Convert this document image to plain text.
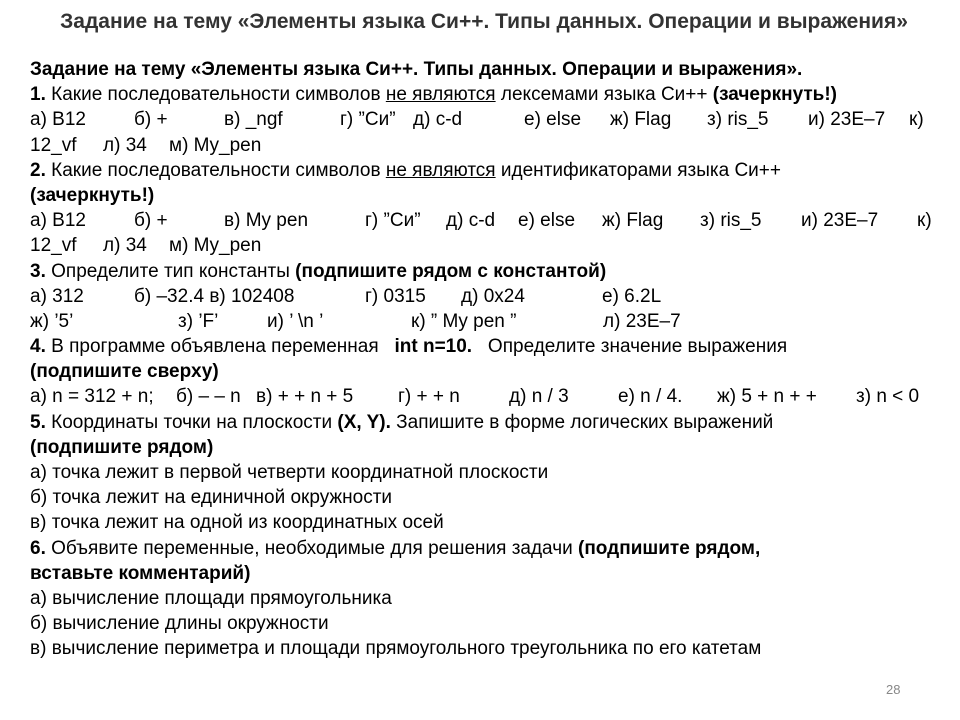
Задание на тему «Элементы языка Си++. Типы данных. Операции и выражения»
Задание на тему «Элементы языка Си++. Типы данных. Операции и выражения».
1. Какие последовательности символов не являются лексемами языка Си++ (зачеркнуть!)
а) B12	б) +	в) _ngf	г) ”Си” д) c-d	е) else ж) Flag з) ris_5 и) 23E–7 к)
12_vf л) 34 м) My_pen
2. Какие последовательности символов не являются идентификаторами языка Си++
(зачеркнуть!)
а) B12	б) +	в) My pen	г) ”Си” д) c-d е) else ж) Flag з) ris_5 и) 23E–7 к)
12_vf л) 34 м) My_pen
3. Определите тип константы (подпишите рядом с константой)
а) 312	б) –32.4 в) 102408	г) 0315 д) 0x24	е) 6.2L
ж) ’5’	з) ’F’	и) ’ \n ’	к) ” My pen ”	л) 23E–7
4. В программе объявлена переменная   int n=10.   Определите значение выражения
(подпишите сверху)
а) n = 312 + n; б) – – n в) + + n + 5 г) + + n	д) n / 3	е) n / 4. ж) 5 + n + + з) n < 0
5. Координаты точки на плоскости (X, Y). Запишите в форме логических выражений
(подпишите рядом)
а) точка лежит в первой четверти координатной плоскости
б) точка лежит на единичной окружности
в) точка лежит на одной из координатных осей
6. Объявите переменные, необходимые для решения задачи (подпишите рядом,
вставьте комментарий)
а) вычисление площади прямоугольника
б) вычисление длины окружности
в) вычисление периметра и площади прямоугольного треугольника по его катетам
28
